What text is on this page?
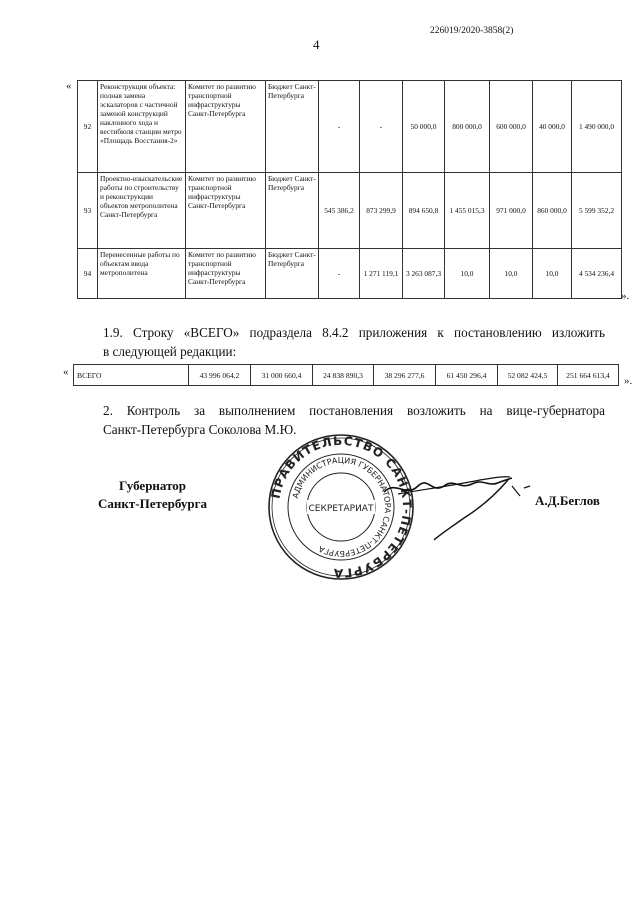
226019/2020-3858(2)
4
«
92	Реконструкция объекта: полная замена эскалаторов с частичной заменой конструкций наклонного хода и вестибюля станции метро «Площадь Восстания-2»	Комитет по развитию транспортной инфраструктуры Санкт-Петербурга	Бюджет Санкт-Петербурга	-	-	50 000,0	800 000,0	600 000,0	40 000,0	1 490 000,0
93	Проектно-изыскательские работы по строительству и реконструкции объектов метрополитена Санкт-Петербурга	Комитет по развитию транспортной инфраструктуры Санкт-Петербурга	Бюджет Санкт-Петербурга	545 386,2	873 299,9	894 650,8	1 455 015,3	971 000,0	860 000,0	5 599 352,2
94	Перенесенные работы по объектам ввода метрополитена	Комитет по развитию транспортной инфраструктуры Санкт-Петербурга	Бюджет Санкт-Петербурга	-	1 271 119,1	3 263 087,3	10,0	10,0	10,0	4 534 236,4
».
1.9. Строку «ВСЕГО» подраздела 8.4.2 приложения к постановлению изложить
в следующей редакции:
« ВСЕГО	43 996 064,2	31 000 660,4	24 838 890,3	38 296 277,6	61 450 296,4	52 082 424,5	251 664 613,4 ».
2. Контроль за выполнением постановления возложить на вице-губернатора
Санкт-Петербурга Соколова М.Ю.
Губернатор
Санкт-Петербурга	А.Д.Беглов
ПРАВИТЕЛЬСТВО САНКТ-ПЕТЕРБУРГА
АДМИНИСТРАЦИЯ ГУБЕРНАТОРА САНКТ-ПЕТЕРБУРГА
СЕКРЕТАРИАТ
